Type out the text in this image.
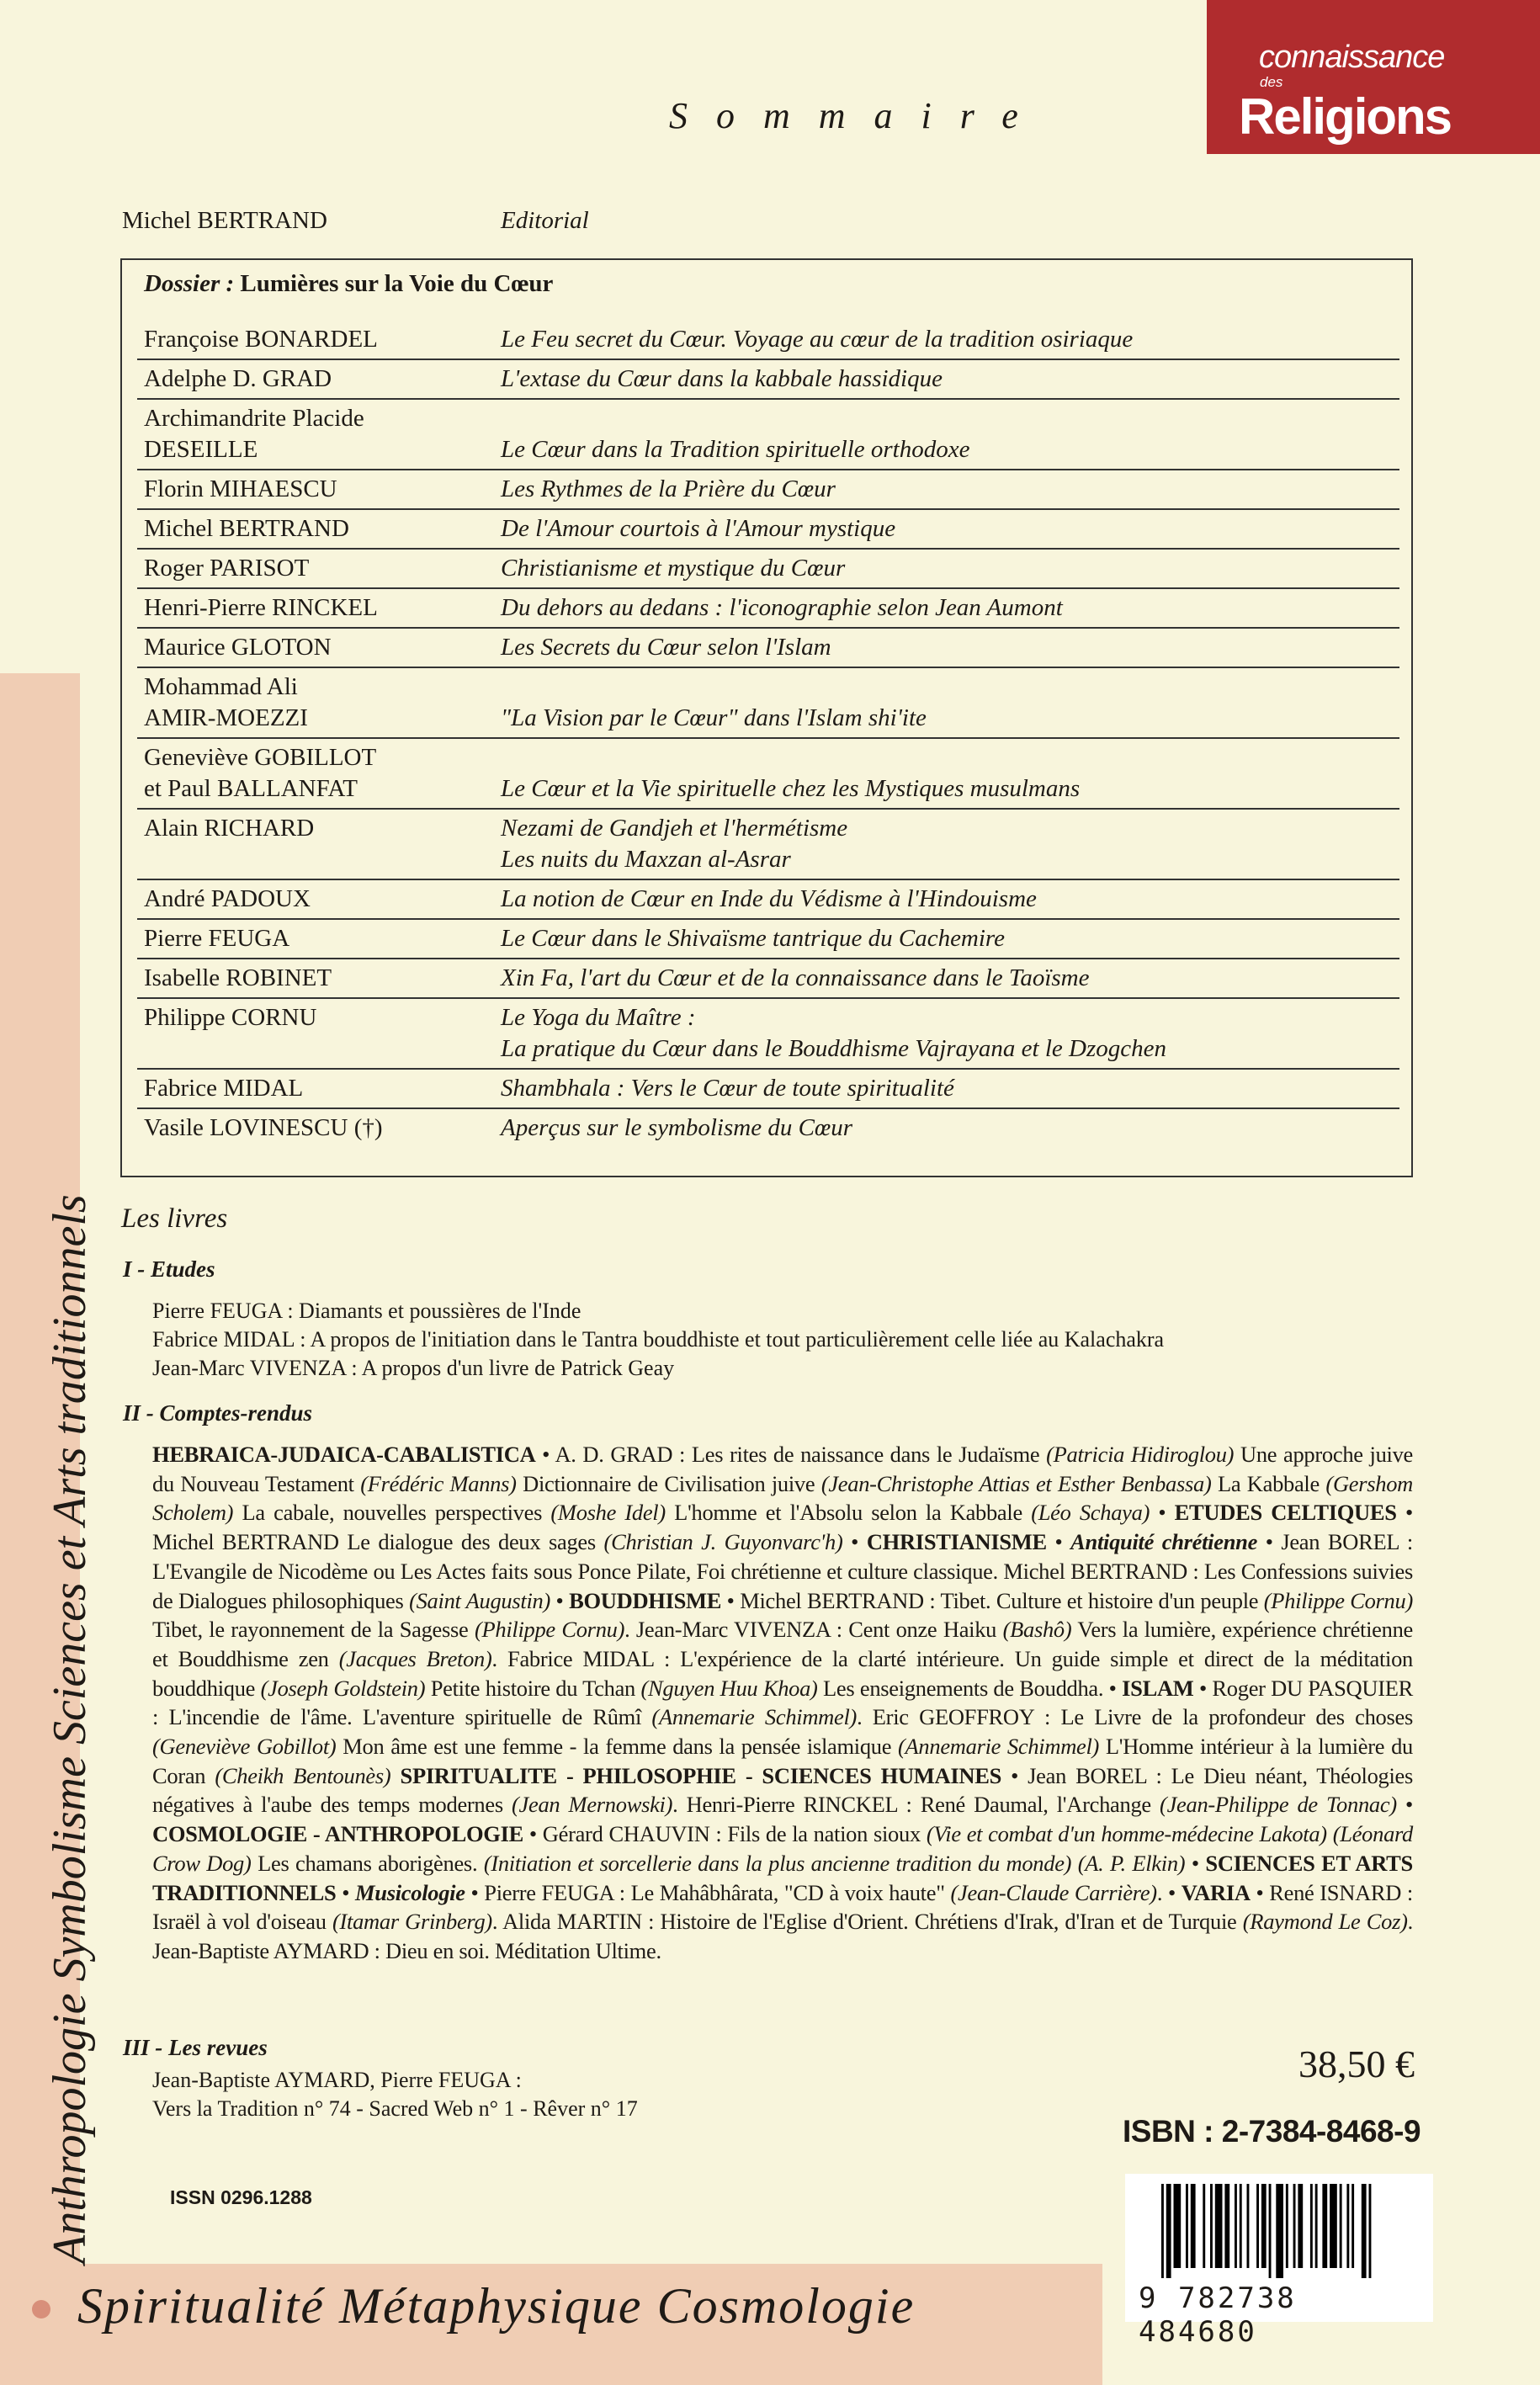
Anthropologie Symbolisme Sciences et Arts traditionnels
Spiritualité Métaphysique Cosmologie
connaissance
des
Religions
Sommaire
Michel BERTRAND	Editorial
Dossier : Lumières sur la Voie du Cœur
Françoise BONARDEL	Le Feu secret du Cœur. Voyage au cœur de la tradition osiriaque
Adelphe D. GRAD	L'extase du Cœur dans la kabbale hassidique
Archimandrite Placide
DESEILLE	Le Cœur dans la Tradition spirituelle orthodoxe
Florin MIHAESCU	Les Rythmes de la Prière du Cœur
Michel BERTRAND	De l'Amour courtois à l'Amour mystique
Roger PARISOT	Christianisme et mystique du Cœur
Henri-Pierre RINCKEL	Du dehors au dedans : l'iconographie selon Jean Aumont
Maurice GLOTON	Les Secrets du Cœur selon l'Islam
Mohammad Ali
AMIR-MOEZZI	"La Vision par le Cœur" dans l'Islam shi'ite
Geneviève GOBILLOT
et Paul BALLANFAT	Le Cœur et la Vie spirituelle chez les Mystiques musulmans
Alain RICHARD	Nezami de Gandjeh et l'hermétisme
Les nuits du Maxzan al-Asrar
André PADOUX	La notion de Cœur en Inde du Védisme à l'Hindouisme
Pierre FEUGA	Le Cœur dans le Shivaïsme tantrique du Cachemire
Isabelle ROBINET	Xin Fa, l'art du Cœur et de la connaissance dans le Taoïsme
Philippe CORNU	Le Yoga du Maître :
La pratique du Cœur dans le Bouddhisme Vajrayana et le Dzogchen
Fabrice MIDAL	Shambhala : Vers le Cœur de toute spiritualité
Vasile LOVINESCU (†)	Aperçus sur le symbolisme du Cœur
Les livres
I - Etudes
Pierre FEUGA : Diamants et poussières de l'Inde
Fabrice MIDAL : A propos de l'initiation dans le Tantra bouddhiste et tout particulièrement celle liée au Kalachakra
Jean-Marc VIVENZA : A propos d'un livre de Patrick Geay
II - Comptes-rendus
HEBRAICA-JUDAICA-CABALISTICA • A. D. GRAD : Les rites de naissance dans le Judaïsme (Patricia Hidiroglou) Une approche juive du Nouveau Testament (Frédéric Manns) Dictionnaire de Civilisation juive (Jean-Christophe Attias et Esther Benbassa) La Kabbale (Gershom Scholem) La cabale, nouvelles perspectives (Moshe Idel) L'homme et l'Absolu selon la Kabbale (Léo Schaya) • ETUDES CELTIQUES • Michel BERTRAND Le dialogue des deux sages (Christian J. Guyonvarc'h) • CHRISTIANISME • Antiquité chrétienne • Jean BOREL : L'Evangile de Nicodème ou Les Actes faits sous Ponce Pilate, Foi chrétienne et culture classique. Michel BERTRAND : Les Confessions suivies de Dialogues philosophiques (Saint Augustin) • BOUDDHISME • Michel BERTRAND : Tibet. Culture et histoire d'un peuple (Philippe Cornu) Tibet, le rayonnement de la Sagesse (Philippe Cornu). Jean-Marc VIVENZA : Cent onze Haiku (Bashô) Vers la lumière, expérience chrétienne et Bouddhisme zen (Jacques Breton). Fabrice MIDAL : L'expérience de la clarté intérieure. Un guide simple et direct de la méditation bouddhique (Joseph Goldstein) Petite histoire du Tchan (Nguyen Huu Khoa) Les enseignements de Bouddha. • ISLAM • Roger DU PASQUIER : L'incendie de l'âme. L'aventure spirituelle de Rûmî (Annemarie Schimmel). Eric GEOFFROY : Le Livre de la profondeur des choses (Geneviève Gobillot) Mon âme est une femme - la femme dans la pensée islamique (Annemarie Schimmel) L'Homme intérieur à la lumière du Coran (Cheikh Bentounès) SPIRITUALITE - PHILOSOPHIE - SCIENCES HUMAINES • Jean BOREL : Le Dieu néant, Théologies négatives à l'aube des temps modernes (Jean Mernowski). Henri-Pierre RINCKEL : René Daumal, l'Archange (Jean-Philippe de Tonnac) • COSMOLOGIE - ANTHROPOLOGIE • Gérard CHAUVIN : Fils de la nation sioux (Vie et combat d'un homme-médecine Lakota) (Léonard Crow Dog) Les chamans aborigènes. (Initiation et sorcellerie dans la plus ancienne tradition du monde) (A. P. Elkin) • SCIENCES ET ARTS TRADITIONNELS • Musicologie • Pierre FEUGA : Le Mahâbhârata, "CD à voix haute" (Jean-Claude Carrière). • VARIA • René ISNARD : Israël à vol d'oiseau (Itamar Grinberg). Alida MARTIN : Histoire de l'Eglise d'Orient. Chrétiens d'Irak, d'Iran et de Turquie (Raymond Le Coz). Jean-Baptiste AYMARD : Dieu en soi. Méditation Ultime.
III - Les revues
Jean-Baptiste AYMARD, Pierre FEUGA :
Vers la Tradition n° 74 - Sacred Web n° 1 - Rêver n° 17
ISSN 0296.1288
38,50 €
ISBN : 2-7384-8468-9
9 782738 484680
